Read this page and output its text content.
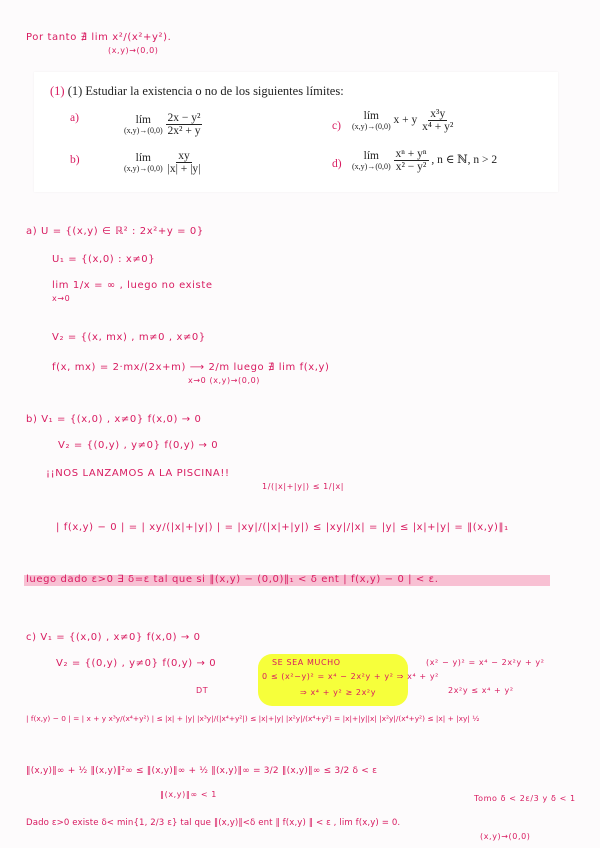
Por tanto ∄ lim x²/(x²+y²).
(x,y)→(0,0)
(1) (1) Estudiar la existencia o no de los siguientes límites:
a)	lím
(x,y)→(0,0)
$\frac{\text{2x − y²}}{\text{2x² + y}}$
b)	lím
(x,y)→(0,0)
$\frac{xy}{|x| + |y|}$
c)
lím
(x,y)→(0,0)
x + y $\frac{\text{x³y}}{\text{x⁴ + y²}}$
d)
lím
(x,y)→(0,0)
$\frac{\text{xⁿ + yⁿ}}{\text{x² − y²}}$ , n ∈ ℕ, n > 2
a) U = {(x,y) ∈ ℝ² : 2x²+y = 0}
U₁ = {(x,0) : x≠0}
lim 1/x = ∞ , luego no existe
x→0
V₂ = {(x, mx) , m≠0 , x≠0}
f(x, mx) = 2·mx/(2x+m) ⟶ 2/m luego ∄ lim f(x,y)
x→0 (x,y)→(0,0)
b) V₁ = {(x,0) , x≠0} f(x,0) → 0
V₂ = {(0,y) , y≠0} f(0,y) → 0
¡¡NOS LANZAMOS A LA PISCINA!!
1/(|x|+|y|) ≤ 1/|x|
| f(x,y) − 0 | = | xy/(|x|+|y|) | = |xy|/(|x|+|y|) ≤ |xy|/|x| = |y| ≤ |x|+|y| = ‖(x,y)‖₁
luego dado ε>0 ∃ δ=ε tal que si ‖(x,y) − (0,0)‖₁ < δ ent | f(x,y) − 0 | < ε.
c) V₁ = {(x,0) , x≠0} f(x,0) → 0
V₂ = {(0,y) , y≠0} f(0,y) → 0	SE SEA MUCHO
0 ≤ (x²−y)² = x⁴ − 2x²y + y² ⇒ x⁴ + y²
⇒ x⁴ + y² ≥ 2x²y
(x² − y)² = x⁴ − 2x²y + y²
2x²y ≤ x⁴ + y²
DT
| f(x,y) − 0 | = | x + y x³y/(x⁴+y²) | ≤ |x| + |y| |x³y|/(|x⁴+y²|) ≤ |x|+|y| |x²y|/(x⁴+y²) = |x|+|y||x| |x²y|/(x⁴+y²) ≤ |x| + |xy| ½
‖(x,y)‖∞ + ½ ‖(x,y)‖²∞ ≤ ‖(x,y)‖∞ + ½ ‖(x,y)‖∞ = 3/2 ‖(x,y)‖∞ ≤ 3/2 δ < ε
‖(x,y)‖∞ < 1	Tomo δ < 2ε/3 y δ < 1
Dado ε>0 existe δ< min{1, 2/3 ε} tal que ‖(x,y)‖<δ ent ‖ f(x,y) ‖ < ε , lim f(x,y) = 0.
(x,y)→(0,0)
